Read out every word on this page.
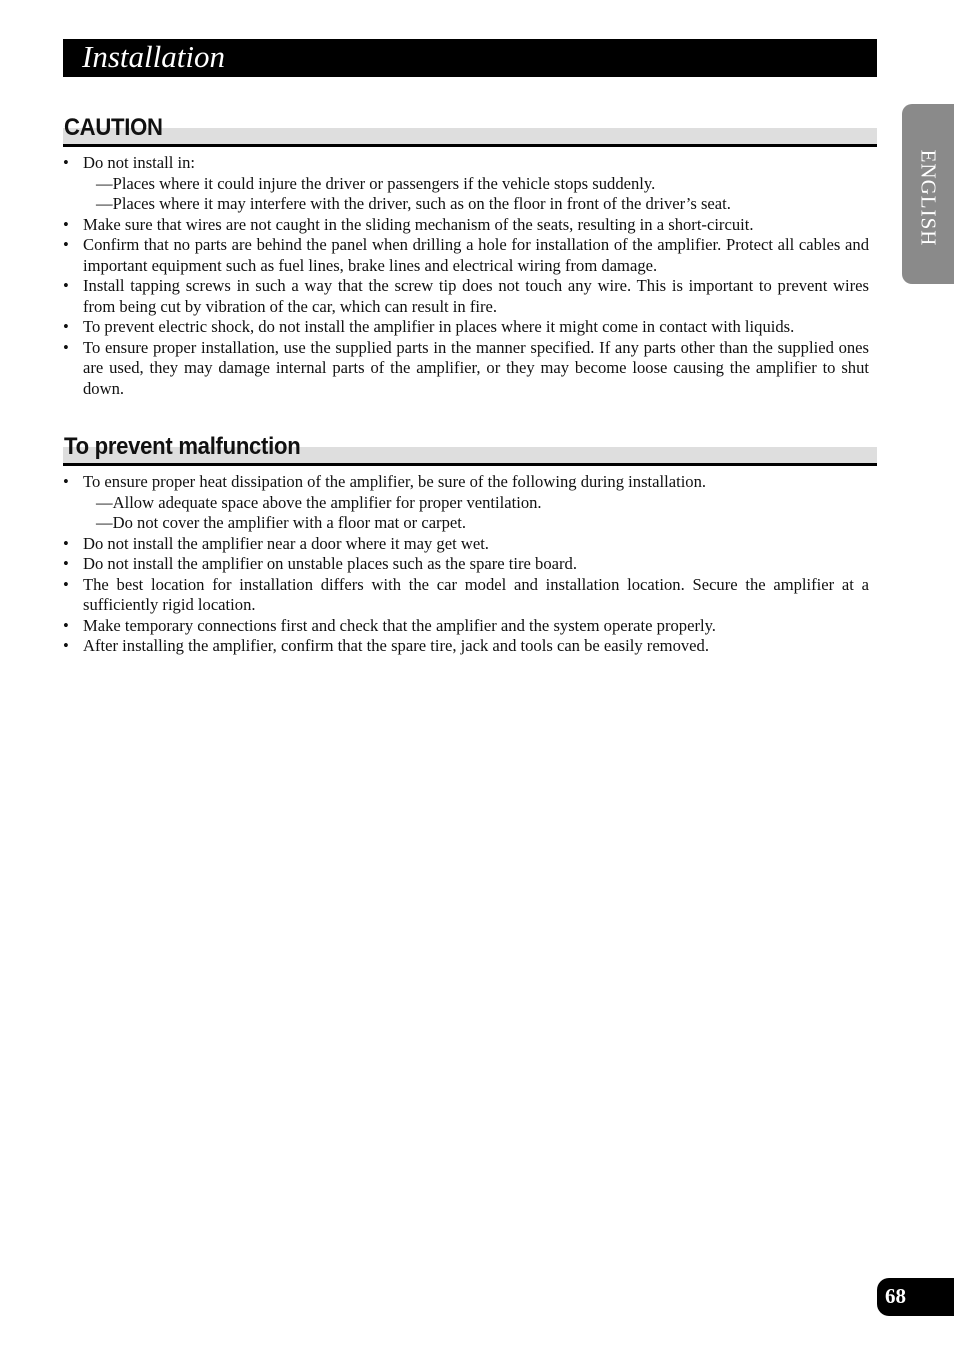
Installation
ENGLISH
CAUTION
• Do not install in:
— Places where it could injure the driver or passengers if the vehicle stops suddenly.
— Places where it may interfere with the driver, such as on the floor in front of the driver’s seat.
• Make sure that wires are not caught in the sliding mechanism of the seats, resulting in a short-circuit.
• Confirm that no parts are behind the panel when drilling a hole for installation of the amplifier. Protect all cables and important equipment such as fuel lines, brake lines and electrical wiring from damage.
• Install tapping screws in such a way that the screw tip does not touch any wire. This is important to prevent wires from being cut by vibration of the car, which can result in fire.
• To prevent electric shock, do not install the amplifier in places where it might come in contact with liquids.
• To ensure proper installation, use the supplied parts in the manner specified. If any parts other than the supplied ones are used, they may damage internal parts of the amplifier, or they may become loose causing the amplifier to shut down.
To prevent malfunction
• To ensure proper heat dissipation of the amplifier, be sure of the following during installation.
— Allow adequate space above the amplifier for proper ventilation.
— Do not cover the amplifier with a floor mat or carpet.
• Do not install the amplifier near a door where it may get wet.
• Do not install the amplifier on unstable places such as the spare tire board.
• The best location for installation differs with the car model and installation location. Secure the amplifier at a sufficiently rigid location.
• Make temporary connections first and check that the amplifier and the system operate properly.
• After installing the amplifier, confirm that the spare tire, jack and tools can be easily removed.
68
